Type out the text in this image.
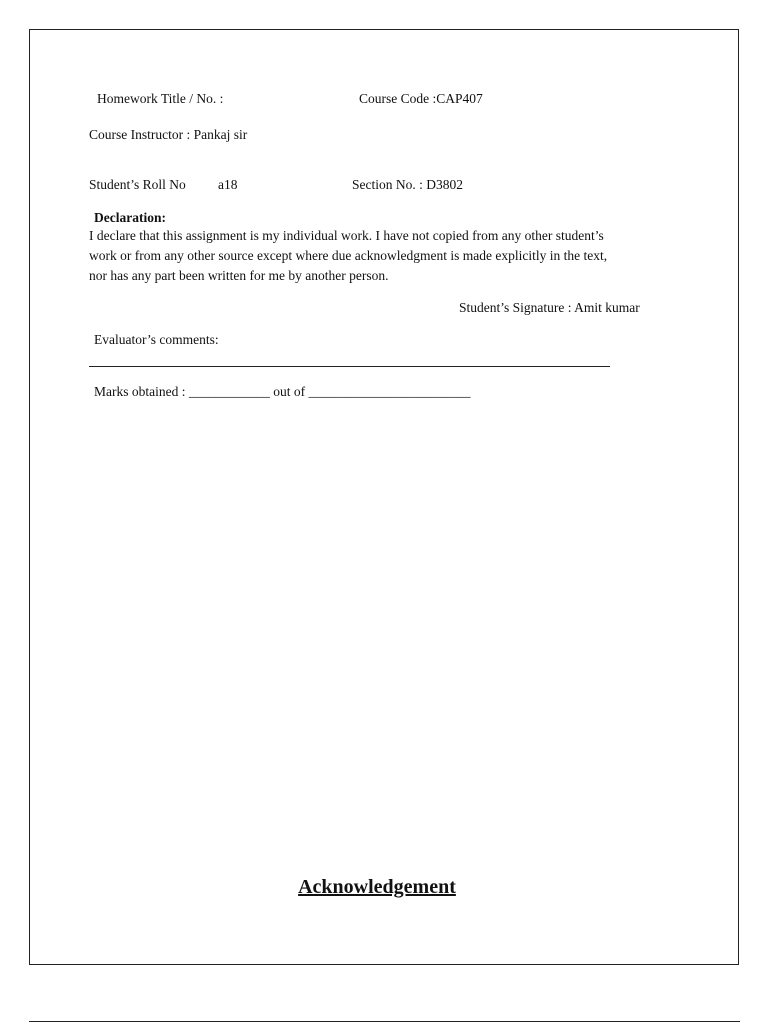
Homework Title / No. :	Course Code :CAP407
Course Instructor : Pankaj sir
Student’s Roll No a18	Section No. : D3802
Declaration:
I declare that this assignment is my individual work. I have not copied from any other student’s
work or from any other source except where due acknowledgment is made explicitly in the text,
nor has any part been written for me by another person.
Student’s Signature : Amit kumar
Evaluator’s comments:
Marks obtained : ____________ out of ________________________
Acknowledgement
